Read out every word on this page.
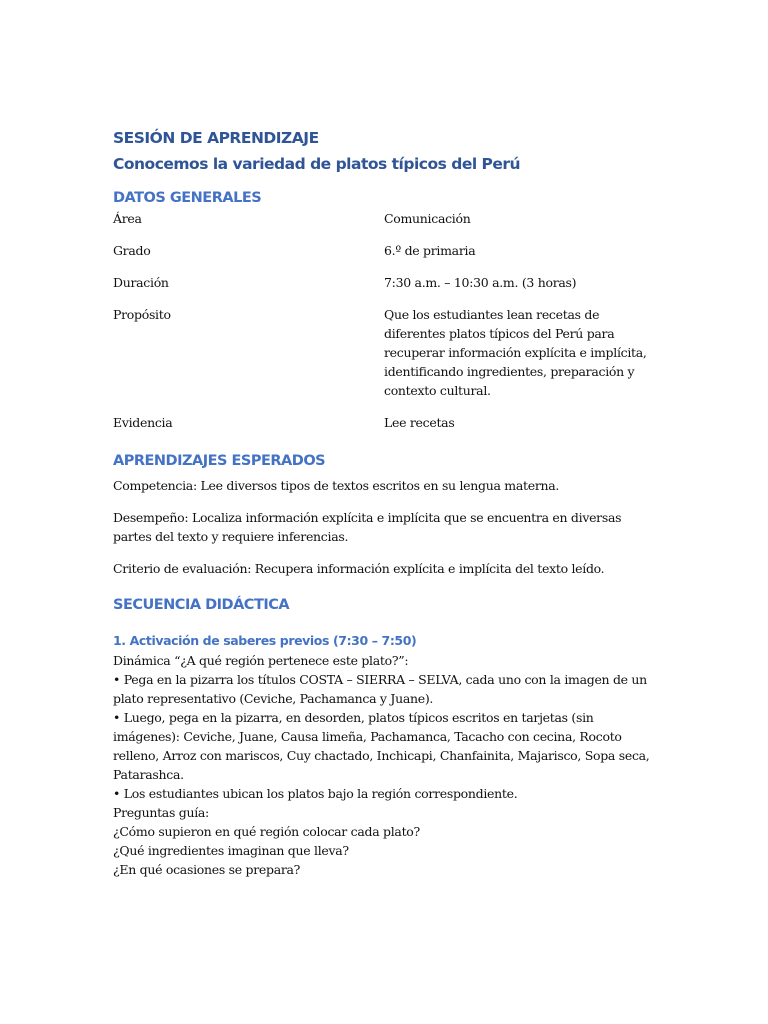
SESIÓN DE APRENDIZAJE
Conocemos la variedad de platos típicos del Perú
DATOS GENERALES
Área	Comunicación
Grado	6.º de primaria
Duración	7:30 a.m. – 10:30 a.m. (3 horas)
Propósito	Que los estudiantes lean recetas de diferentes platos típicos del Perú para recuperar información explícita e implícita, identificando ingredientes, preparación y contexto cultural.
Evidencia	Lee recetas
APRENDIZAJES ESPERADOS

Competencia: Lee diversos tipos de textos escritos en su lengua materna.

Desempeño: Localiza información explícita e implícita que se encuentra en diversas partes del texto y requiere inferencias.

Criterio de evaluación: Recupera información explícita e implícita del texto leído.

SECUENCIA DIDÁCTICA
1. Activación de saberes previos (7:30 – 7:50)

Dinámica “¿A qué región pertenece este plato?”:

• Pega en la pizarra los títulos COSTA – SIERRA – SELVA, cada uno con la imagen de un plato representativo (Ceviche, Pachamanca y Juane).

• Luego, pega en la pizarra, en desorden, platos típicos escritos en tarjetas (sin imágenes): Ceviche, Juane, Causa limeña, Pachamanca, Tacacho con cecina, Rocoto relleno, Arroz con mariscos, Cuy chactado, Inchicapi, Chanfainita, Majarisco, Sopa seca, Patarashca.

• Los estudiantes ubican los platos bajo la región correspondiente.

Preguntas guía:

¿Cómo supieron en qué región colocar cada plato?

¿Qué ingredientes imaginan que lleva?

¿En qué ocasiones se prepara?
